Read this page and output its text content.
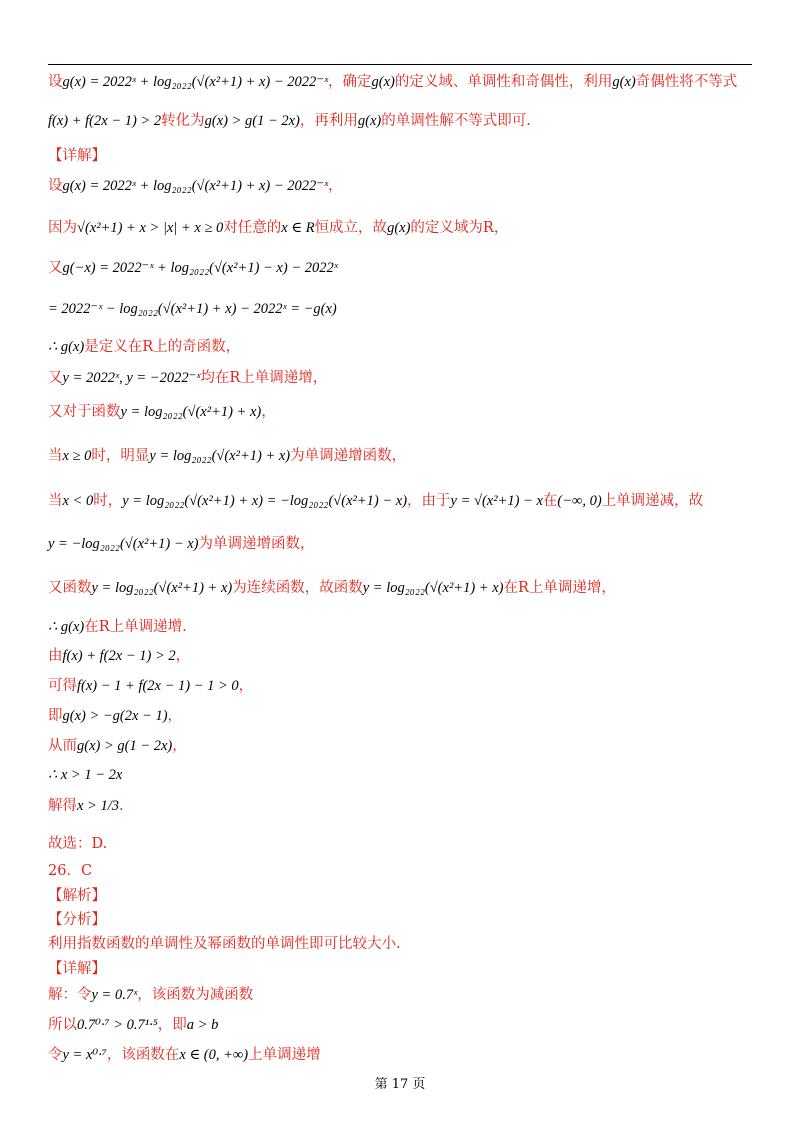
设g(x) = 2022ˣ + log₂₀₂₂(√(x²+1) + x) − 2022⁻ˣ，确定g(x)的定义域、单调性和奇偶性，利用g(x)奇偶性将不等式
f(x) + f(2x − 1) > 2转化为g(x) > g(1 − 2x)，再利用g(x)的单调性解不等式即可.
【详解】
设g(x) = 2022ˣ + log₂₀₂₂(√(x²+1) + x) − 2022⁻ˣ，
因为√(x²+1) + x > |x| + x ≥ 0对任意的x ∈ R恒成立，故g(x)的定义域为R，
又g(−x) = 2022⁻ˣ + log₂₀₂₂(√(x²+1) − x) − 2022ˣ
= 2022⁻ˣ − log₂₀₂₂(√(x²+1) + x) − 2022ˣ = −g(x)
∴ g(x)是定义在R上的奇函数，
又y = 2022ˣ, y = −2022⁻ˣ均在R上单调递增，
又对于函数y = log₂₀₂₂(√(x²+1) + x)，
当x ≥ 0时，明显y = log₂₀₂₂(√(x²+1) + x)为单调递增函数，
当x < 0时，y = log₂₀₂₂(√(x²+1) + x) = −log₂₀₂₂(√(x²+1) − x)，由于y = √(x²+1) − x在(−∞, 0)上单调递减，故
y = −log₂₀₂₂(√(x²+1) − x)为单调递增函数，
又函数y = log₂₀₂₂(√(x²+1) + x)为连续函数，故函数y = log₂₀₂₂(√(x²+1) + x)在R上单调递增，
∴ g(x)在R上单调递增.
由f(x) + f(2x − 1) > 2，
可得f(x) − 1 + f(2x − 1) − 1 > 0，
即g(x) > −g(2x − 1)，
从而g(x) > g(1 − 2x)，
∴ x > 1 − 2x
解得x > 1/3.
故选：D.
26．C
【解析】
【分析】
利用指数函数的单调性及幂函数的单调性即可比较大小.
【详解】
解：令y = 0.7ˣ，该函数为减函数
所以0.7⁰·⁷ > 0.7¹·⁵，即a > b
令y = x⁰·⁷，该函数在x ∈ (0, +∞)上单调递增
第 17 页
